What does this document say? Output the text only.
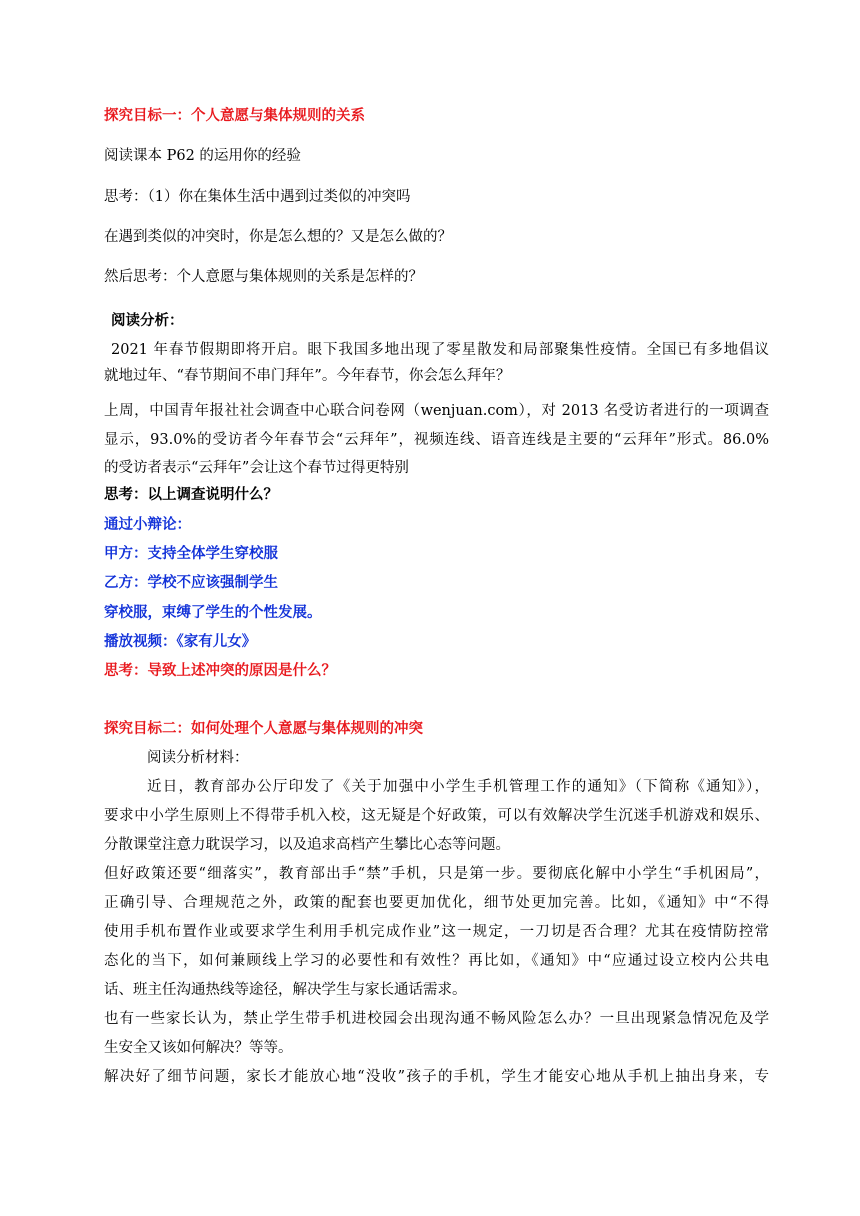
探究目标一：个人意愿与集体规则的关系
阅读课本 P62 的运用你的经验
思考：（1）你在集体生活中遇到过类似的冲突吗
在遇到类似的冲突时，你是怎么想的？又是怎么做的？
然后思考：个人意愿与集体规则的关系是怎样的？
阅读分析：
2021 年春节假期即将开启。眼下我国多地出现了零星散发和局部聚集性疫情。全国已有多地倡议
就地过年、“春节期间不串门拜年”。今年春节，你会怎么拜年？
上周，中国青年报社社会调查中心联合问卷网（wenjuan.com），对 2013 名受访者进行的一项调查
显示，93.0%的受访者今年春节会“云拜年”，视频连线、语音连线是主要的“云拜年”形式。86.0%
的受访者表示“云拜年”会让这个春节过得更特别
思考：以上调查说明什么？
通过小辩论：
甲方：支持全体学生穿校服
乙方：学校不应该强制学生
穿校服，束缚了学生的个性发展。
播放视频：《家有儿女》
思考：导致上述冲突的原因是什么？
探究目标二：如何处理个人意愿与集体规则的冲突
阅读分析材料：
近日，教育部办公厅印发了《关于加强中小学生手机管理工作的通知》（下简称《通知》），
要求中小学生原则上不得带手机入校，这无疑是个好政策，可以有效解决学生沉迷手机游戏和娱乐、
分散课堂注意力耽误学习，以及追求高档产生攀比心态等问题。
但好政策还要“细落实”，教育部出手“禁”手机，只是第一步。要彻底化解中小学生“手机困局”，
正确引导、合理规范之外，政策的配套也要更加优化，细节处更加完善。比如，《通知》中“不得
使用手机布置作业或要求学生利用手机完成作业”这一规定，一刀切是否合理？尤其在疫情防控常
态化的当下，如何兼顾线上学习的必要性和有效性？再比如，《通知》中“应通过设立校内公共电
话、班主任沟通热线等途径，解决学生与家长通话需求。
也有一些家长认为，禁止学生带手机进校园会出现沟通不畅风险怎么办？一旦出现紧急情况危及学
生安全又该如何解决？等等。
解决好了细节问题，家长才能放心地“没收”孩子的手机，学生才能安心地从手机上抽出身来，专
